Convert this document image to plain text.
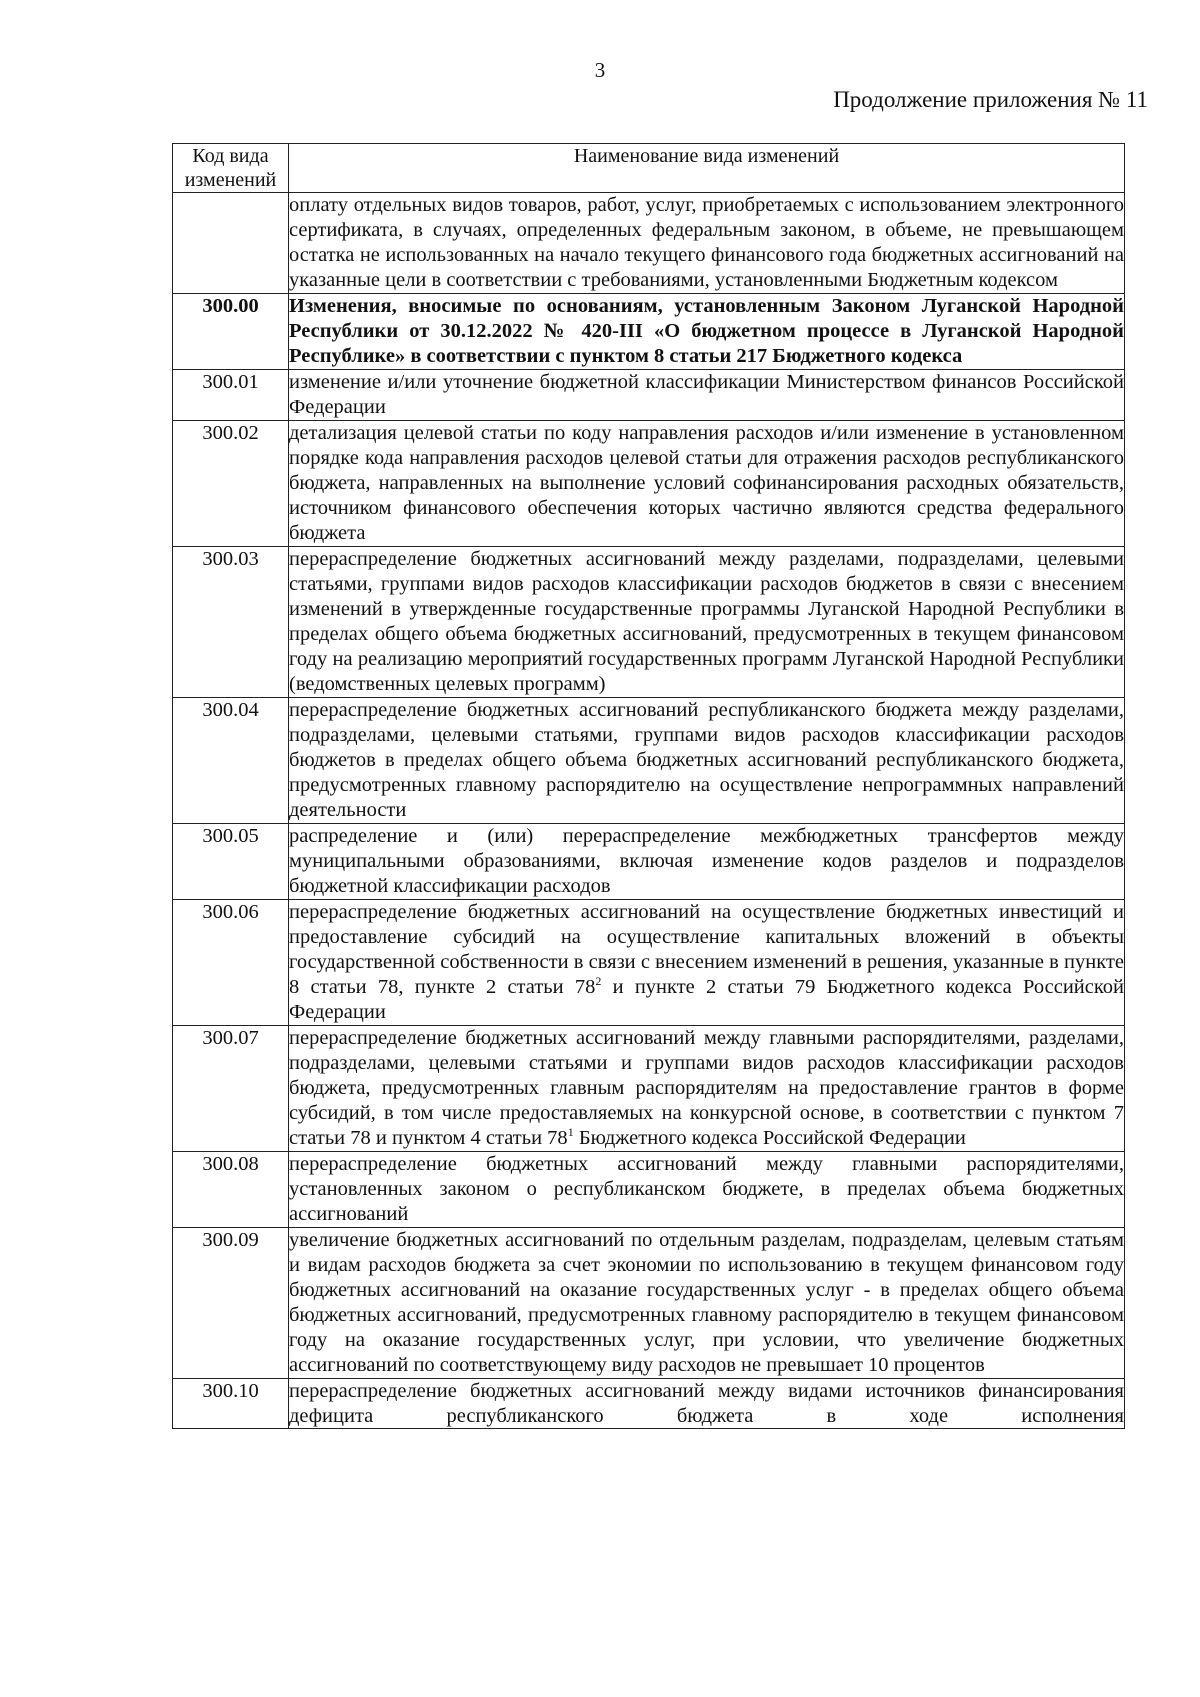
3
Продолжение приложения № 11
Код вида
изменений	Наименование вида изменений
	оплату отдельных видов товаров, работ, услуг, приобретаемых с использованием электронного сертификата, в случаях, определенных федеральным законом, в объеме, не превышающем остатка не использованных на начало текущего финансового года бюджетных ассигнований на указанные цели в соответствии с требованиями, установленными Бюджетным кодексом
300.00	Изменения, вносимые по основаниям, установленным Законом Луганской Народной Республики от 30.12.2022 № 420-III «О бюджетном процессе в Луганской Народной Республике» в соответствии с пунктом 8 статьи 217 Бюджетного кодекса
300.01	изменение и/или уточнение бюджетной классификации Министерством финансов Российской Федерации
300.02	детализация целевой статьи по коду направления расходов и/или изменение в установленном порядке кода направления расходов целевой статьи для отражения расходов республиканского бюджета, направленных на выполнение условий софинансирования расходных обязательств, источником финансового обеспечения которых частично являются средства федерального бюджета
300.03	перераспределение бюджетных ассигнований между разделами, подразделами, целевыми статьями, группами видов расходов классификации расходов бюджетов в связи с внесением изменений в утвержденные государственные программы Луганской Народной Республики в пределах общего объема бюджетных ассигнований, предусмотренных в текущем финансовом году на реализацию мероприятий государственных программ Луганской Народной Республики (ведомственных целевых программ)
300.04	перераспределение бюджетных ассигнований республиканского бюджета между разделами, подразделами, целевыми статьями, группами видов расходов классификации расходов бюджетов в пределах общего объема бюджетных ассигнований республиканского бюджета, предусмотренных главному распорядителю на осуществление непрограммных направлений деятельности
300.05	распределение и (или) перераспределение межбюджетных трансфертов между муниципальными образованиями, включая изменение кодов разделов и подразделов бюджетной классификации расходов
300.06	перераспределение бюджетных ассигнований на осуществление бюджетных инвестиций и предоставление субсидий на осуществление капитальных вложений в объекты государственной собственности в связи с внесением изменений в решения, указанные в пункте 8 статьи 78, пункте 2 статьи $78^2$ и пункте 2 статьи 79 Бюджетного кодекса Российской Федерации
300.07	перераспределение бюджетных ассигнований между главными распорядителями, разделами, подразделами, целевыми статьями и группами видов расходов классификации расходов бюджета, предусмотренных главным распорядителям на предоставление грантов в форме субсидий, в том числе предоставляемых на конкурсной основе, в соответствии с пунктом 7 статьи 78 и пунктом 4 статьи $78^1$ Бюджетного кодекса Российской Федерации
300.08	перераспределение бюджетных ассигнований между главными распорядителями, установленных законом о республиканском бюджете, в пределах объема бюджетных ассигнований
300.09	увеличение бюджетных ассигнований по отдельным разделам, подразделам, целевым статьям и видам расходов бюджета за счет экономии по использованию в текущем финансовом году бюджетных ассигнований на оказание государственных услуг - в пределах общего объема бюджетных ассигнований, предусмотренных главному распорядителю в текущем финансовом году на оказание государственных услуг, при условии, что увеличение бюджетных ассигнований по соответствующему виду расходов не превышает 10 процентов
300.10	перераспределение бюджетных ассигнований между видами источников финансирования дефицита республиканского бюджета в ходе исполнения
